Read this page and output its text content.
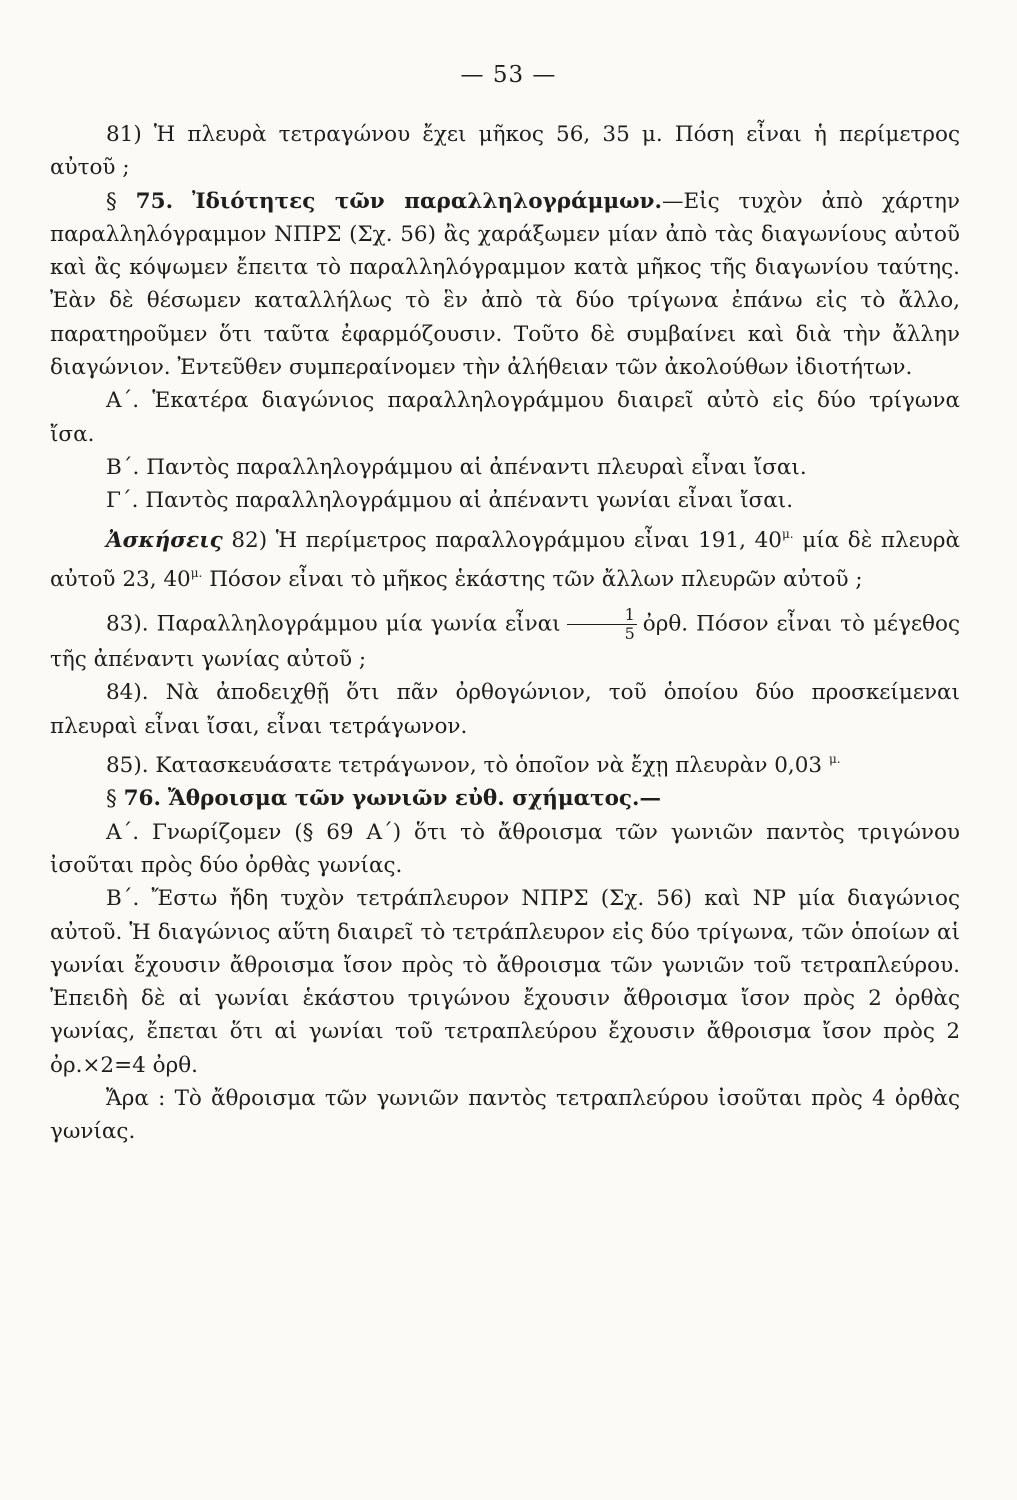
— 53 —

81) Ἡ πλευρὰ τετραγώνου ἔχει μῆκος 56, 35 μ. Πόση εἶναι ἡ περίμετρος αὐτοῦ ;

§ 75. Ἰδιότητες τῶν παραλληλογράμμων.—Εἰς τυχὸν ἀπὸ χάρτην παραλληλόγραμμον ΝΠΡΣ (Σχ. 56) ἂς χαράξωμεν μίαν ἀπὸ τὰς διαγωνίους αὐτοῦ καὶ ἂς κόψωμεν ἔπειτα τὸ παραλληλόγραμμον κατὰ μῆκος τῆς διαγωνίου ταύτης. Ἐὰν δὲ θέσωμεν καταλλήλως τὸ ἓν ἀπὸ τὰ δύο τρίγωνα ἐπάνω εἰς τὸ ἄλλο, παρατηροῦμεν ὅτι ταῦτα ἐφαρμόζουσιν. Τοῦτο δὲ συμβαίνει καὶ διὰ τὴν ἄλλην διαγώνιον. Ἐντεῦθεν συμπεραίνομεν τὴν ἀλήθειαν τῶν ἀκολούθων ἰδιοτήτων.

Α΄. Ἑκατέρα διαγώνιος παραλληλογράμμου διαιρεῖ αὐτὸ εἰς δύο τρίγωνα ἴσα.

Β΄. Παντὸς παραλληλογράμμου αἱ ἀπέναντι πλευραὶ εἶναι ἴσαι.

Γ΄. Παντὸς παραλληλογράμμου αἱ ἀπέναντι γωνίαι εἶναι ἴσαι.

Ἀσκήσεις 82) Ἡ περίμετρος παραλλογράμμου εἶναι 191, $40^{\mu.}$ μία δὲ πλευρὰ αὐτοῦ 23, $40^{\mu.}$ Πόσον εἶναι τὸ μῆκος ἑκάστης τῶν ἄλλων πλευρῶν αὐτοῦ ;

83). Παραλληλογράμμου μία γωνία εἶναι $\frac{1}{5}$ ὀρθ. Πόσον εἶναι τὸ μέγεθος τῆς ἀπέναντι γωνίας αὐτοῦ ;

84). Νὰ ἀποδειχθῇ ὅτι πᾶν ὀρθογώνιον, τοῦ ὁποίου δύο προσκείμεναι πλευραὶ εἶναι ἴσαι, εἶναι τετράγωνον.

85). Κατασκευάσατε τετράγωνον, τὸ ὁποῖον νὰ ἔχῃ πλευρὰν 0,03 $^{\mu.}$

§ 76. Ἄθροισμα τῶν γωνιῶν εὐθ. σχήματος.—

Α΄. Γνωρίζομεν (§ 69 Α΄) ὅτι τὸ ἄθροισμα τῶν γωνιῶν παντὸς τριγώνου ἰσοῦται πρὸς δύο ὀρθὰς γωνίας.

Β΄. Ἔστω ἤδη τυχὸν τετράπλευρον ΝΠΡΣ (Σχ. 56) καὶ ΝΡ μία διαγώνιος αὐτοῦ. Ἡ διαγώνιος αὕτη διαιρεῖ τὸ τετράπλευρον εἰς δύο τρίγωνα, τῶν ὁποίων αἱ γωνίαι ἔχουσιν ἄθροισμα ἴσον πρὸς τὸ ἄθροισμα τῶν γωνιῶν τοῦ τετραπλεύρου. Ἐπειδὴ δὲ αἱ γωνίαι ἑκάστου τριγώνου ἔχουσιν ἄθροισμα ἴσον πρὸς 2 ὀρθὰς γωνίας, ἔπεται ὅτι αἱ γωνίαι τοῦ τετραπλεύρου ἔχουσιν ἄθροισμα ἴσον πρὸς 2 ὀρ.×2=4 ὀρθ.

Ἄρα : Τὸ ἄθροισμα τῶν γωνιῶν παντὸς τετραπλεύρου ἰσοῦται πρὸς 4 ὀρθὰς γωνίας.
